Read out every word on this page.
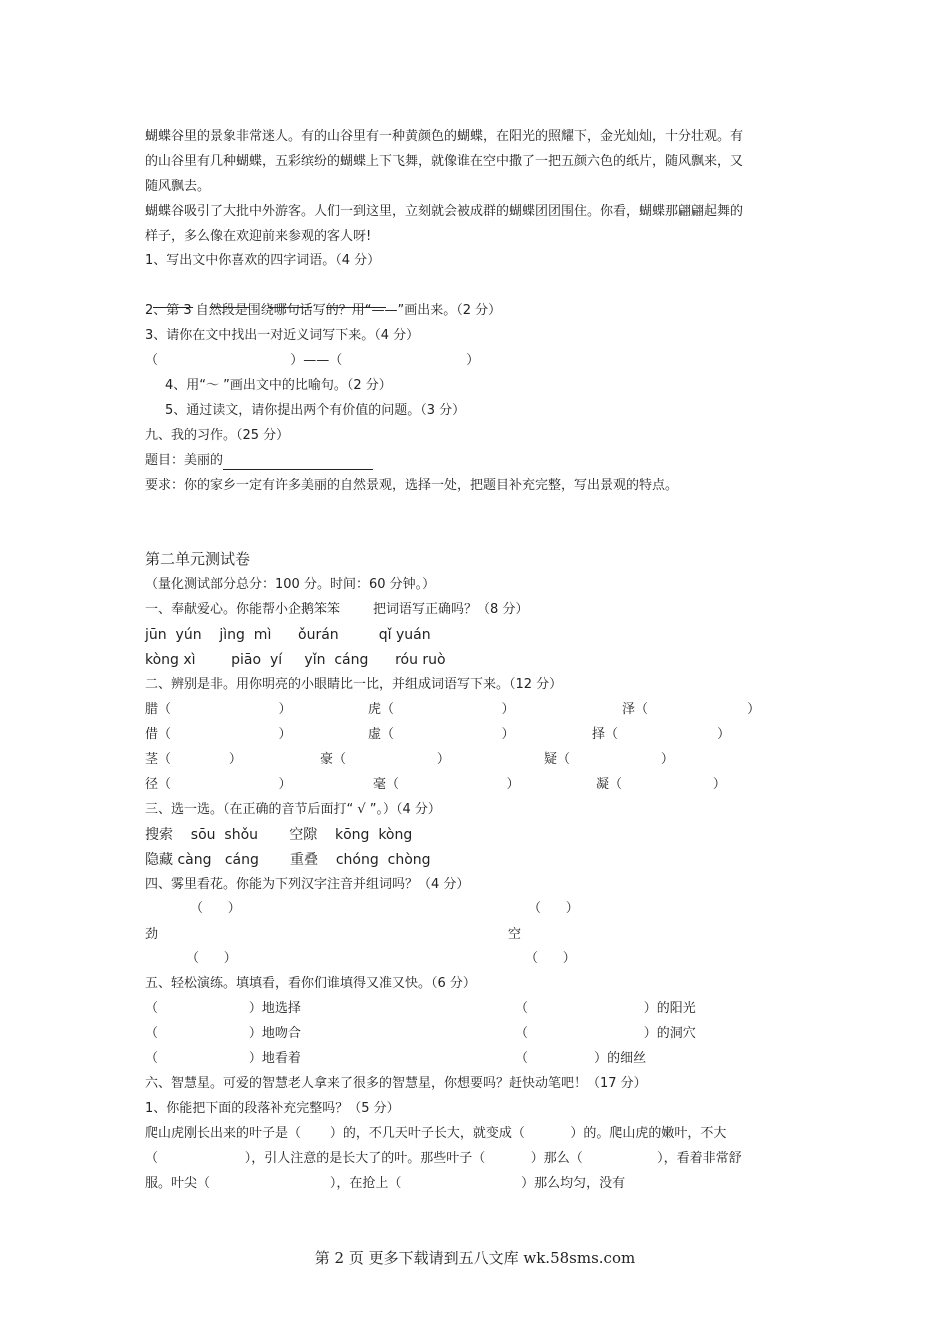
蝴蝶谷里的景象非常迷人。有的山谷里有一种黄颜色的蝴蝶，在阳光的照耀下，金光灿灿，十分壮观。有
的山谷里有几种蝴蝶，五彩缤纷的蝴蝶上下飞舞，就像谁在空中撒了一把五颜六色的纸片，随风飘来，又
随风飘去。
蝴蝶谷吸引了大批中外游客。人们一到这里，立刻就会被成群的蝴蝶团团围住。你看，蝴蝶那翩翩起舞的
样子，多么像在欢迎前来参观的客人呀!
1、写出文中你喜欢的四字词语。（4 分）

2、第 3 自然段是围绕哪句话写的？用“——”画出来。（2 分）
3、请你在文中找出一对近义词写下来。（4 分）
（                                ）——（                              ）
4、用“～ ”画出文中的比喻句。（2 分）
5、通过读文，请你提出两个有价值的问题。（3 分）
九、我的习作。（25 分）
题目：美丽的
要求：你的家乡一定有许多美丽的自然景观，选择一处，把题目补充完整，写出景观的特点。
第二单元测试卷
（量化测试部分总分：100 分。时间：60 分钟。）
一、奉献爱心。你能帮小企鹅笨笨        把词语写正确吗？（8 分）
jūn  yún    jìng  mì      ǒurán         qǐ yuán
kòng xì        piāo  yí     yǐn  cáng      róu ruò
二、辨别是非。用你明亮的小眼睛比一比，并组成词语写下来。（12 分）
腊（                          ）	虎（                          ）	泽（                        ）
借（                          ）	虚（                          ）	择（                        ）
茎（              ）	豪（                      ）	疑（                      ）
径（                          ）	毫（                          ）	凝（                      ）
三、选一选。（在正确的音节后面打“ √ ”。）（4 分）
搜索    sōu  shǒu       空隙    kōng  kòng
隐藏 càng   cáng       重叠    chóng  chòng
四、雾里看花。你能为下列汉字注音并组词吗？（4 分）
（      ）	（      ）
劲	空
（      ）	（      ）
五、轻松演练。填填看，看你们谁填得又准又快。（6 分）
（                      ）地选择	（                            ）的阳光
（                      ）地吻合	（                            ）的洞穴
（                      ）地看着	（                ）的细丝
六、智慧星。可爱的智慧老人拿来了很多的智慧星，你想要吗？赶快动笔吧！（17 分）
1、你能把下面的段落补充完整吗？（5 分）
爬山虎刚长出来的叶子是（       ）的，不几天叶子长大，就变成（           ）的。爬山虎的嫩叶，不大
（                     ），引人注意的是长大了的叶。那些叶子（           ）那么（                  ），看着非常舒
服。叶尖（                             ），在抢上（                             ）那么均匀，没有
第 2 页 更多下载请到五八文库 wk.58sms.com
